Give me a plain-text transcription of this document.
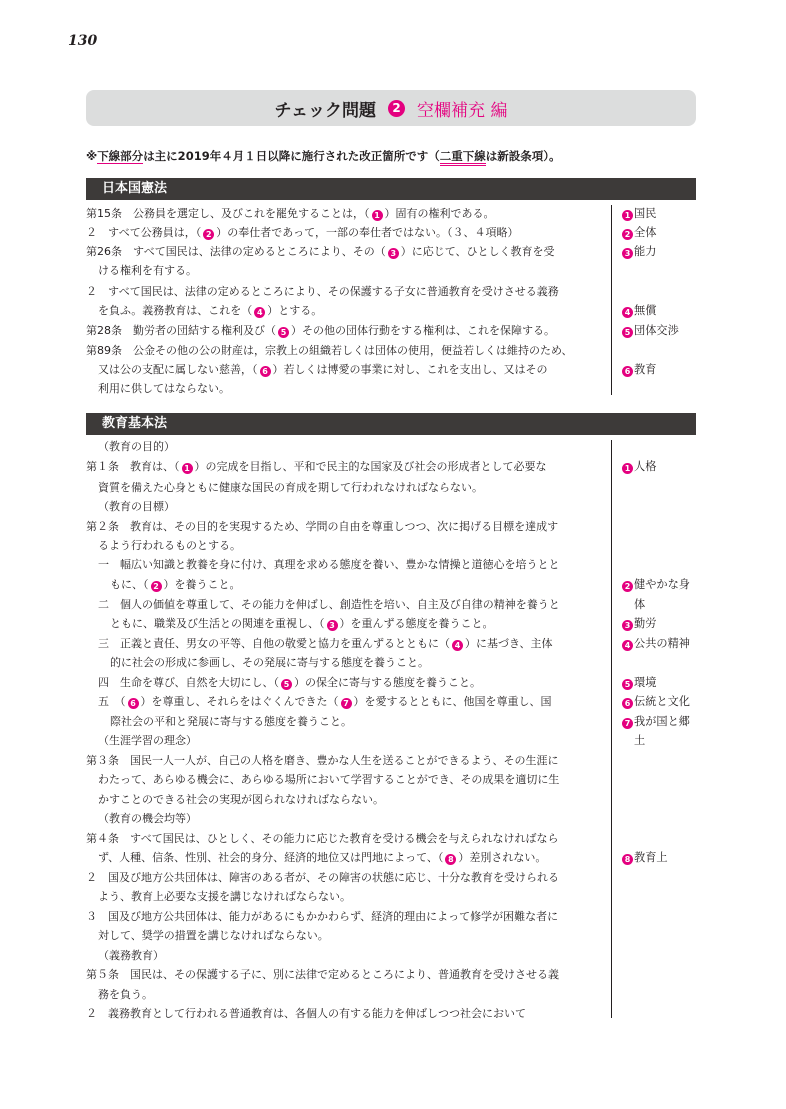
130
チェック問題	2 空欄補充 編
※下線部分は主に2019年４月１日以降に施行された改正箇所です（二重下線は新設条項）。
日本国憲法
第15条　公務員を選定し、及びこれを罷免することは，（ 1 ）固有の権利である。
２　すべて公務員は，（ 2 ）の奉仕者であって，一部の奉仕者ではない。（３、４項略）
第26条　すべて国民は、法律の定めるところにより、その（ 3 ）に応じて、ひとしく教育を受
ける権利を有する。
２　すべて国民は、法律の定めるところにより、その保護する子女に普通教育を受けさせる義務
を負ふ。義務教育は、これを（ 4 ）とする。
第28条　勤労者の団結する権利及び（ 5 ）その他の団体行動をする権利は、これを保障する。
第89条　公金その他の公の財産は，宗教上の組織若しくは団体の使用，便益若しくは維持のため、
又は公の支配に属しない慈善，（ 6 ）若しくは博愛の事業に対し、これを支出し、又はその
利用に供してはならない。
1 国民
2 全体
3 能力
4 無償
5 団体交渉
6 教育
教育基本法
（教育の目的）
第１条　教育は、（ 1 ）の完成を目指し、平和で民主的な国家及び社会の形成者として必要な
資質を備えた心身ともに健康な国民の育成を期して行われなければならない。
（教育の目標）
第２条　教育は、その目的を実現するため、学問の自由を尊重しつつ、次に掲げる目標を達成す
るよう行われるものとする。
一　幅広い知識と教養を身に付け、真理を求める態度を養い、豊かな情操と道徳心を培うとと
もに、（ 2 ）を養うこと。
二　個人の価値を尊重して、その能力を伸ばし、創造性を培い、自主及び自律の精神を養うと
ともに、職業及び生活との関連を重視し、（ 3 ）を重んずる態度を養うこと。
三　正義と責任、男女の平等、自他の敬愛と協力を重んずるとともに（ 4 ）に基づき、主体
的に社会の形成に参画し、その発展に寄与する態度を養うこと。
四　生命を尊び、自然を大切にし、（ 5 ）の保全に寄与する態度を養うこと。
五　（ 6 ）を尊重し、それらをはぐくんできた（ 7 ）を愛するとともに、他国を尊重し、国
際社会の平和と発展に寄与する態度を養うこと。
（生涯学習の理念）
第３条　国民一人一人が、自己の人格を磨き、豊かな人生を送ることができるよう、その生涯に
わたって、あらゆる機会に、あらゆる場所において学習することができ、その成果を適切に生
かすことのできる社会の実現が図られなければならない。
（教育の機会均等）
第４条　すべて国民は、ひとしく、その能力に応じた教育を受ける機会を与えられなければなら
ず、人種、信条、性別、社会的身分、経済的地位又は門地によって、（ 8 ）差別されない。
２　国及び地方公共団体は、障害のある者が、その障害の状態に応じ、十分な教育を受けられる
よう、教育上必要な支援を講じなければならない。
３　国及び地方公共団体は、能力があるにもかかわらず、経済的理由によって修学が困難な者に
対して、奨学の措置を講じなければならない。
（義務教育）
第５条　国民は、その保護する子に、別に法律で定めるところにより、普通教育を受けさせる義
務を負う。
２　義務教育として行われる普通教育は、各個人の有する能力を伸ばしつつ社会において
1 人格
2 健やかな身
体
3 勤労
4 公共の精神
5 環境
6 伝統と文化
7 我が国と郷
土
8 教育上
